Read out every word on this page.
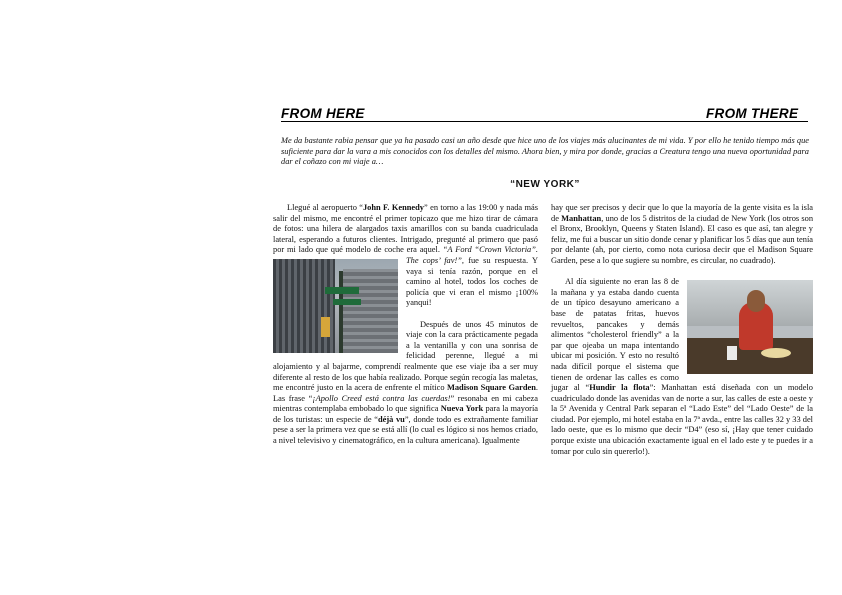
FROM HERE	FROM THERE
Me da bastante rabia pensar que ya ha pasado casi un año desde que hice uno de los viajes más alucinantes de mi vida. Y por ello he tenido tiempo más que suficiente para dar la vara a mis conocidos con los detalles del mismo. Ahora bien, y mira por donde, gracias a Creatura tengo una nueva oportunidad para dar el coñazo con mi viaje a…
“NEW YORK”

Llegué al aeropuerto “John F. Kennedy” en torno a las 19:00 y nada más salir del mismo, me encontré el primer topicazo que me hizo tirar de cámara de fotos: una hilera de alargados taxis amarillos con su banda cuadriculada lateral, esperando a futuros clientes. Intrigado, pregunté al primero que pasó por mi lado que qué modelo de coche era aquel.
“A Ford “Crown Victoria”. The cops’ fav!”, fue su respuesta. Y vaya si tenía razón, porque en el camino al hotel, todos los coches de policía que vi eran el mismo ¡100% yanqui!

Después de unos 45 minutos de viaje con la cara prácticamente pegada a la ventanilla y con una sonrisa de felicidad perenne, llegué a mi alojamiento y al bajarme, comprendí realmente que ese viaje iba a ser muy diferente al resto de los que había realizado. Porque según recogía las maletas, me encontré justo en la acera de enfrente el mítico Madison Square Garden. Las frase “¡Apollo Creed está contra las cuerdas!” resonaba en mi cabeza mientras contemplaba embobado lo que significa Nueva York para la mayoría de los turistas: un especie de “déjà vu”, donde todo es extrañamente familiar pese a ser la primera vez que se está allí (lo cual es lógico si nos hemos criado, a nivel televisivo y cinematográfico, en la cultura americana). Igualmente

hay que ser precisos y decir que lo que la mayoría de la gente visita es la isla de Manhattan, uno de los 5 distritos de la ciudad de New York (los otros son el Bronx, Brooklyn, Queens y Staten Island). El caso es que así, tan alegre y feliz, me fui a buscar un sitio donde cenar y planificar los 5 días que aun tenía por delante (ah, por cierto, como nota curiosa decir que el Madison Square Garden, pese a lo que sugiere su nombre, es circular, no cuadrado).

Al día siguiente no eran las 8 de la mañana y ya estaba dando cuenta de un típico desayuno americano a base de patatas fritas, huevos revueltos, pancakes y demás alimentos “cholesterol friendly” a la par que ojeaba un mapa intentando ubicar mi posición. Y esto no resultó nada difícil porque el sistema que tienen de ordenar las calles es como jugar al “Hundir la flota”: Manhattan está diseñada con un modelo cuadriculado donde las avenidas van de norte a sur, las calles de este a oeste y la 5ª Avenida y Central Park separan el “Lado Este” del “Lado Oeste” de la ciudad. Por ejemplo, mi hotel estaba en la 7ª avda., entre las calles 32 y 33 del lado oeste, que es lo mismo que decir “D4” (eso sí, ¡Hay que tener cuidado porque existe una ubicación exactamente igual en el lado este y te puedes ir a tomar por culo sin quererlo!).
